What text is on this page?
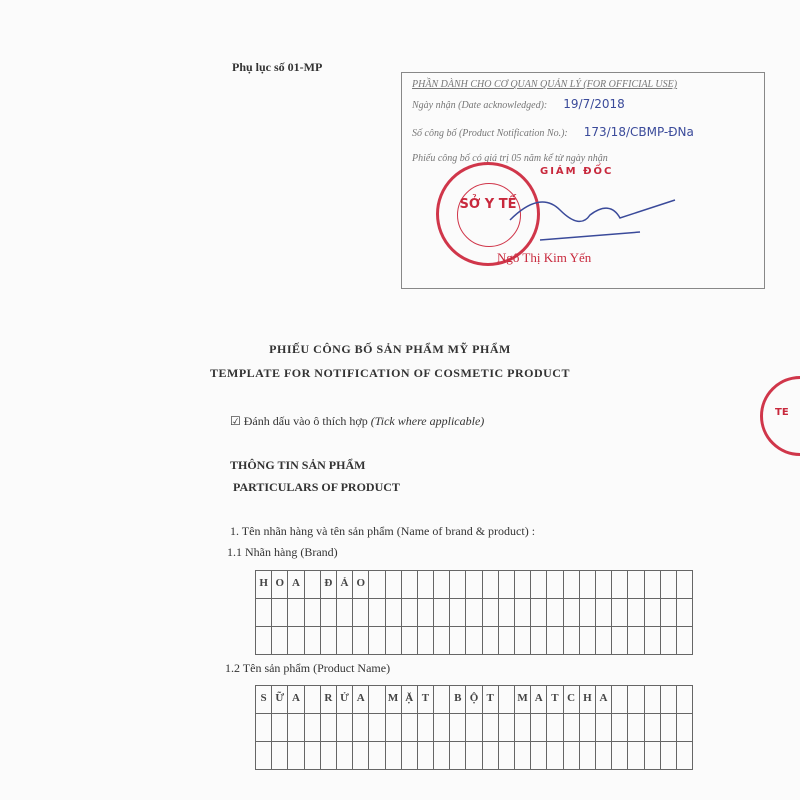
Phụ lục số 01-MP
PHẦN DÀNH CHO CƠ QUAN QUẢN LÝ (FOR OFFICIAL USE)
Ngày nhận (Date acknowledged): 19/7/2018
Số công bố (Product Notification No.): 173/18/CBMP-ĐNa
Phiếu công bố có giá trị 05 năm kể từ ngày nhận
SỞ Y TẾ
GIÁM ĐỐC
Ngô Thị Kim Yến
TE
PHIẾU CÔNG BỐ SẢN PHẨM MỸ PHẨM
TEMPLATE FOR NOTIFICATION OF COSMETIC PRODUCT
☑ Đánh dấu vào ô thích hợp (Tick where applicable)
THÔNG TIN SẢN PHẨM
PARTICULARS OF PRODUCT
1. Tên nhãn hàng và tên sản phẩm (Name of brand & product) :
1.1 Nhãn hàng (Brand)
H O A	Đ Ả O
1.2 Tên sản phẩm (Product Name)
S Ữ A	R Ử A	M Ặ T	B Ộ T	M A T C H A
